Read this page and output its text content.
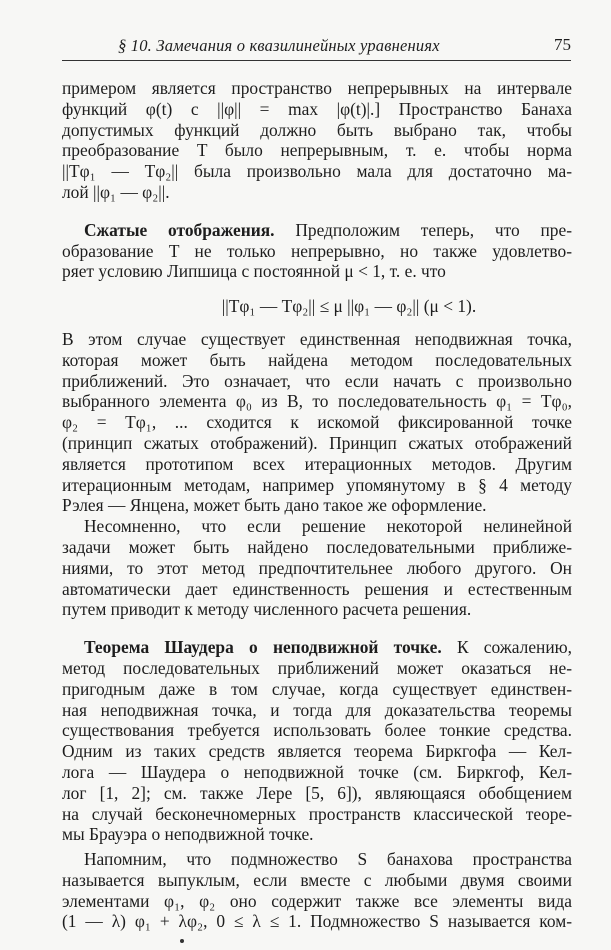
§ 10. Замечания о квазилинейных уравнениях	75
примером является пространство непрерывных на интервале
функций φ(t) с ||φ|| = max |φ(t)|.] Пространство Банаха
допустимых функций должно быть выбрано так, чтобы
преобразование T было непрерывным, т. е. чтобы норма
||Tφ₁ — Tφ₂|| была произвольно мала для достаточно ма-
лой ||φ₁ — φ₂||.
Сжатые отображения. Предположим теперь, что пре-
образование T не только непрерывно, но также удовлетво-
ряет условию Липшица с постоянной μ < 1, т. е. что
||Tφ₁ — Tφ₂|| ≤ μ ||φ₁ — φ₂|| (μ < 1).
В этом случае существует единственная неподвижная точка,
которая может быть найдена методом последовательных
приближений. Это означает, что если начать с произвольно
выбранного элемента φ₀ из B, то последовательность φ₁ = Tφ₀,
φ₂ = Tφ₁, ... сходится к искомой фиксированной точке
(принцип сжатых отображений). Принцип сжатых отображений
является прототипом всех итерационных методов. Другим
итерационным методам, например упомянутому в § 4 методу
Рэлея — Янцена, может быть дано такое же оформление.
Несомненно, что если решение некоторой нелинейной
задачи может быть найдено последовательными приближе-
ниями, то этот метод предпочтительнее любого другого. Он
автоматически дает единственность решения и естественным
путем приводит к методу численного расчета решения.
Теорема Шаудера о неподвижной точке. К сожалению,
метод последовательных приближений может оказаться не-
пригодным даже в том случае, когда существует единствен-
ная неподвижная точка, и тогда для доказательства теоремы
существования требуется использовать более тонкие средства.
Одним из таких средств является теорема Биркгофа — Кел-
лога — Шаудера о неподвижной точке (см. Биркгоф, Кел-
лог [1, 2]; см. также Лере [5, 6]), являющаяся обобщением
на случай бесконечномерных пространств классической теоре-
мы Брауэра о неподвижной точке.
Напомним, что подмножество S банахова пространства
называется выпуклым, если вместе с любыми двумя своими
элементами φ₁, φ₂ оно содержит также все элементы вида
(1 — λ) φ₁ + λφ₂, 0 ≤ λ ≤ 1. Подмножество S называется ком-
